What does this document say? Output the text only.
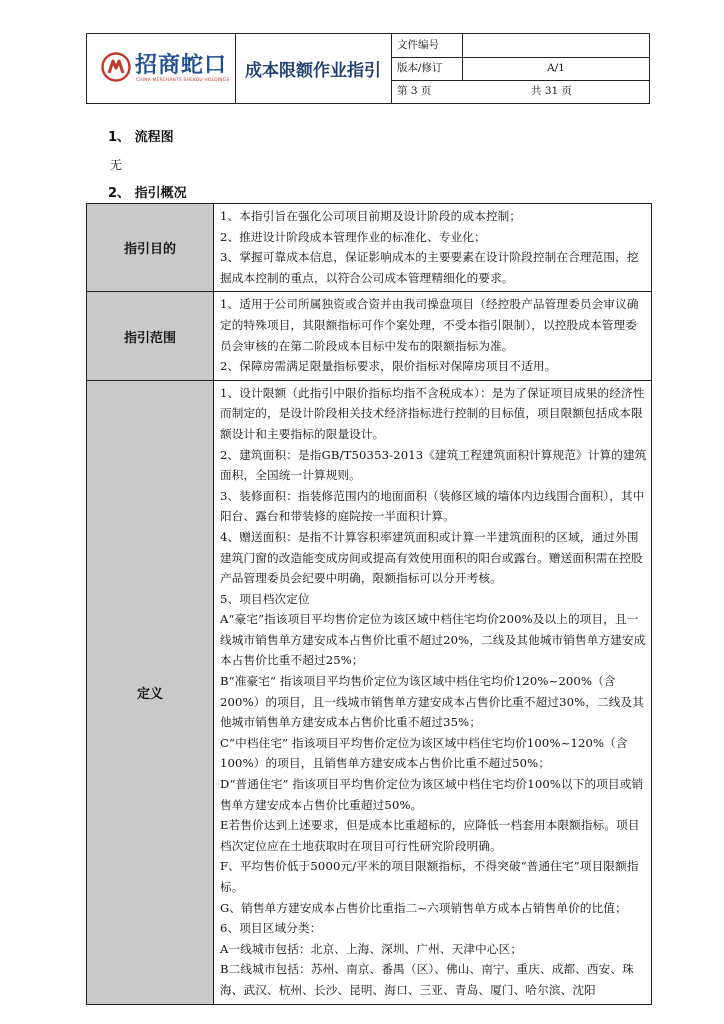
招商蛇口
CHINA MERCHANTS SHEKOU HOLDINGS 成本限额作业指引
文件编号
版本/修订	A/1
第 3 页	共 31 页
1、 流程图
无
2、 指引概况
指引目的

1、本指引旨在强化公司项目前期及设计阶段的成本控制；

2、推进设计阶段成本管理作业的标准化、专业化；

3、掌握可靠成本信息，保证影响成本的主要要素在设计阶段控制在合理范围，挖掘成本控制的重点，以符合公司成本管理精细化的要求。

指引范围

1、适用于公司所属独资或合资并由我司操盘项目（经控股产品管理委员会审议确定的特殊项目，其限额指标可作个案处理，不受本指引限制），以控股成本管理委员会审核的在第二阶段成本目标中发布的限额指标为准。

2、保障房需满足限量指标要求，限价指标对保障房项目不适用。

定义

1、设计限额（此指引中限价指标均指不含税成本）：是为了保证项目成果的经济性而制定的，是设计阶段相关技术经济指标进行控制的目标值，项目限额包括成本限额设计和主要指标的限量设计。

2、建筑面积：是指GB/T50353-2013《建筑工程建筑面积计算规范》计算的建筑面积，全国统一计算规则。

3、装修面积：指装修范围内的地面面积（装修区域的墙体内边线围合面积），其中阳台、露台和带装修的庭院按一半面积计算。

4、赠送面积：是指不计算容积率建筑面积或计算一半建筑面积的区域，通过外围建筑门窗的改造能变成房间或提高有效使用面积的阳台或露台。赠送面积需在控股产品管理委员会纪要中明确，限额指标可以分开考核。

5、项目档次定位

A“豪宅”指该项目平均售价定位为该区域中档住宅均价200%及以上的项目，且一线城市销售单方建安成本占售价比重不超过20%，二线及其他城市销售单方建安成本占售价比重不超过25%；

B“准豪宅” 指该项目平均售价定位为该区域中档住宅均价120%~200%（含200%）的项目，且一线城市销售单方建安成本占售价比重不超过30%，二线及其他城市销售单方建安成本占售价比重不超过35%；

C“中档住宅” 指该项目平均售价定位为该区域中档住宅均价100%~120%（含100%）的项目，且销售单方建安成本占售价比重不超过50%；

D“普通住宅” 指该项目平均售价定位为该区域中档住宅均价100%以下的项目或销售单方建安成本占售价比重超过50%。

E若售价达到上述要求，但是成本比重超标的，应降低一档套用本限额指标。项目档次定位应在土地获取时在项目可行性研究阶段明确。

F、平均售价低于5000元/平米的项目限额指标，不得突破“普通住宅”项目限额指标。

G、销售单方建安成本占售价比重指二~六项销售单方成本占销售单价的比值；

6、项目区域分类：

A一线城市包括：北京、上海、深圳、广州、天津中心区；

B二线城市包括：苏州、南京、番禺（区）、佛山、南宁、重庆、成都、西安、珠海、武汉、杭州、长沙、昆明、海口、三亚、青岛、厦门、哈尔滨、沈阳
